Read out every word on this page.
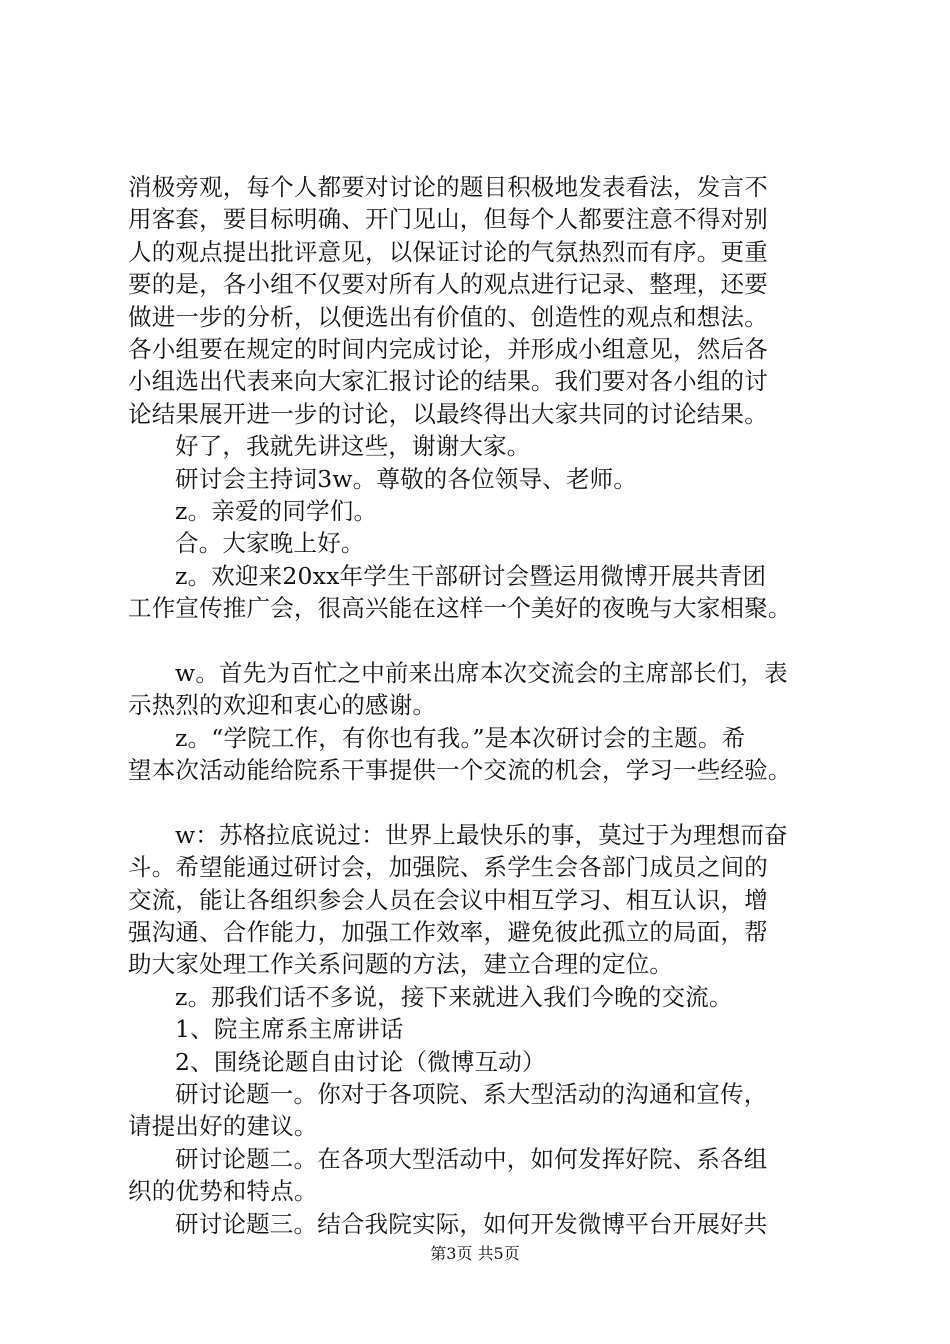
消极旁观，每个人都要对讨论的题目积极地发表看法，发言不
用客套，要目标明确、开门见山，但每个人都要注意不得对别
人的观点提出批评意见，以保证讨论的气氛热烈而有序。更重
要的是，各小组不仅要对所有人的观点进行记录、整理，还要
做进一步的分析，以便选出有价值的、创造性的观点和想法。
各小组要在规定的时间内完成讨论，并形成小组意见，然后各
小组选出代表来向大家汇报讨论的结果。我们要对各小组的讨
论结果展开进一步的讨论，以最终得出大家共同的讨论结果。
好了，我就先讲这些，谢谢大家。
研讨会主持词3w。尊敬的各位领导、老师。
z。亲爱的同学们。
合。大家晚上好。
z。欢迎来20xx年学生干部研讨会暨运用微博开展共青团
工作宣传推广会，很高兴能在这样一个美好的夜晚与大家相聚。
w。首先为百忙之中前来出席本次交流会的主席部长们，表
示热烈的欢迎和衷心的感谢。
z。“学院工作，有你也有我。”是本次研讨会的主题。希
望本次活动能给院系干事提供一个交流的机会，学习一些经验。
w：苏格拉底说过：世界上最快乐的事，莫过于为理想而奋
斗。希望能通过研讨会，加强院、系学生会各部门成员之间的
交流，能让各组织参会人员在会议中相互学习、相互认识，增
强沟通、合作能力，加强工作效率，避免彼此孤立的局面，帮
助大家处理工作关系问题的方法，建立合理的定位。
z。那我们话不多说，接下来就进入我们今晚的交流。
1、院主席系主席讲话
2、围绕论题自由讨论（微博互动）
研讨论题一。你对于各项院、系大型活动的沟通和宣传，
请提出好的建议。
研讨论题二。在各项大型活动中，如何发挥好院、系各组
织的优势和特点。
研讨论题三。结合我院实际，如何开发微博平台开展好共
第3页 共5页
